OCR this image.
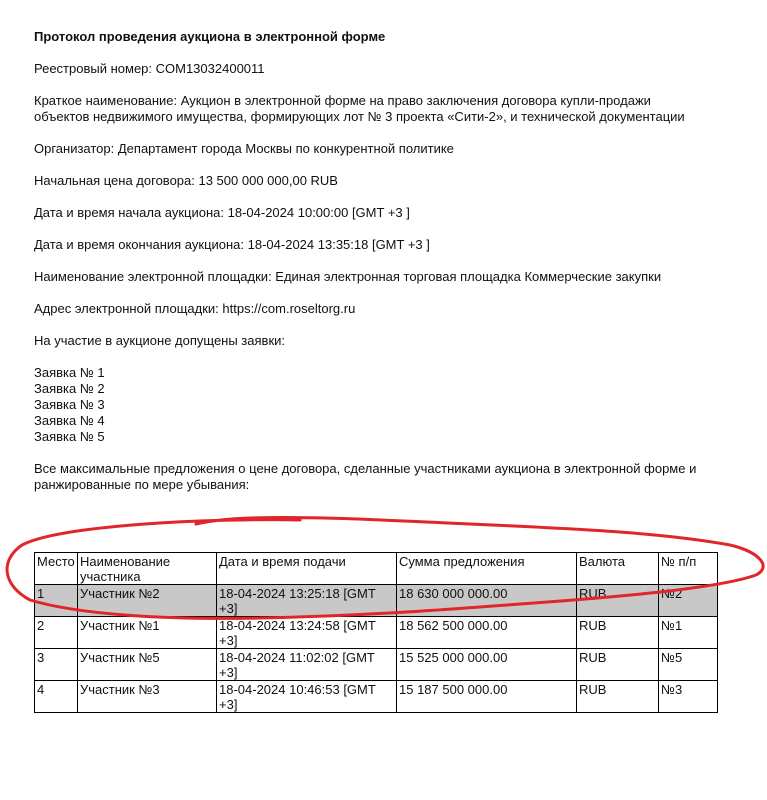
Протокол проведения аукциона в электронной форме
Реестровый номер: COM13032400011
Краткое наименование: Аукцион в электронной форме на право заключения договора купли-продажи
объектов недвижимого имущества, формирующих лот № 3 проекта «Сити-2», и технической документации
Организатор: Департамент города Москвы по конкурентной политике
Начальная цена договора: 13 500 000 000,00 RUB
Дата и время начала аукциона: 18-04-2024 10:00:00 [GMT +3 ]
Дата и время окончания аукциона: 18-04-2024 13:35:18 [GMT +3 ]
Наименование электронной площадки: Единая электронная торговая площадка Коммерческие закупки
Адрес электронной площадки: https://com.roseltorg.ru
На участие в аукционе допущены заявки:
Заявка № 1
Заявка № 2
Заявка № 3
Заявка № 4
Заявка № 5
Все максимальные предложения о цене договора, сделанные участниками аукциона в электронной форме и
ранжированные по мере убывания:
Место	Наименование участника	Дата и время подачи	Сумма предложения	Валюта	№ п/п
1	Участник №2	18-04-2024 13:25:18 [GMT +3]	18 630 000 000.00	RUB	№2
2	Участник №1	18-04-2024 13:24:58 [GMT +3]	18 562 500 000.00	RUB	№1
3	Участник №5	18-04-2024 11:02:02 [GMT +3]	15 525 000 000.00	RUB	№5
4	Участник №3	18-04-2024 10:46:53 [GMT +3]	15 187 500 000.00	RUB	№3
